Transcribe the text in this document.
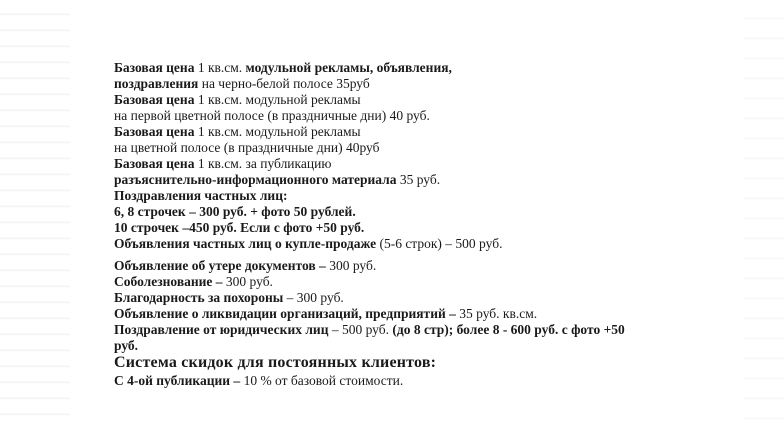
Базовая цена 1 кв.см. модульной рекламы, объявления,
поздравления на черно-белой полосе 35руб
Базовая цена 1 кв.см. модульной рекламы
на первой цветной полосе (в праздничные дни) 40 руб.
Базовая цена 1 кв.см. модульной рекламы
на цветной полосе (в праздничные дни) 40руб
Базовая цена 1 кв.см. за публикацию
разъяснительно-информационного материала 35 руб.
Поздравления частных лиц:
6, 8 строчек – 300 руб. + фото 50 рублей.
10 строчек –450 руб. Если с фото +50 руб.
Объявления частных лиц о купле-продаже (5-6 строк) – 500 руб.
Объявление об утере документов – 300 руб.
Соболезнование – 300 руб.
Благодарность за похороны – 300 руб.
Объявление о ликвидации организаций, предприятий – 35 руб. кв.см.
Поздравление от юридических лиц – 500 руб. (до 8 стр); более 8 - 600 руб. с фото +50
руб.
Система скидок для постоянных клиентов:
С 4-ой публикации – 10 % от базовой стоимости.
